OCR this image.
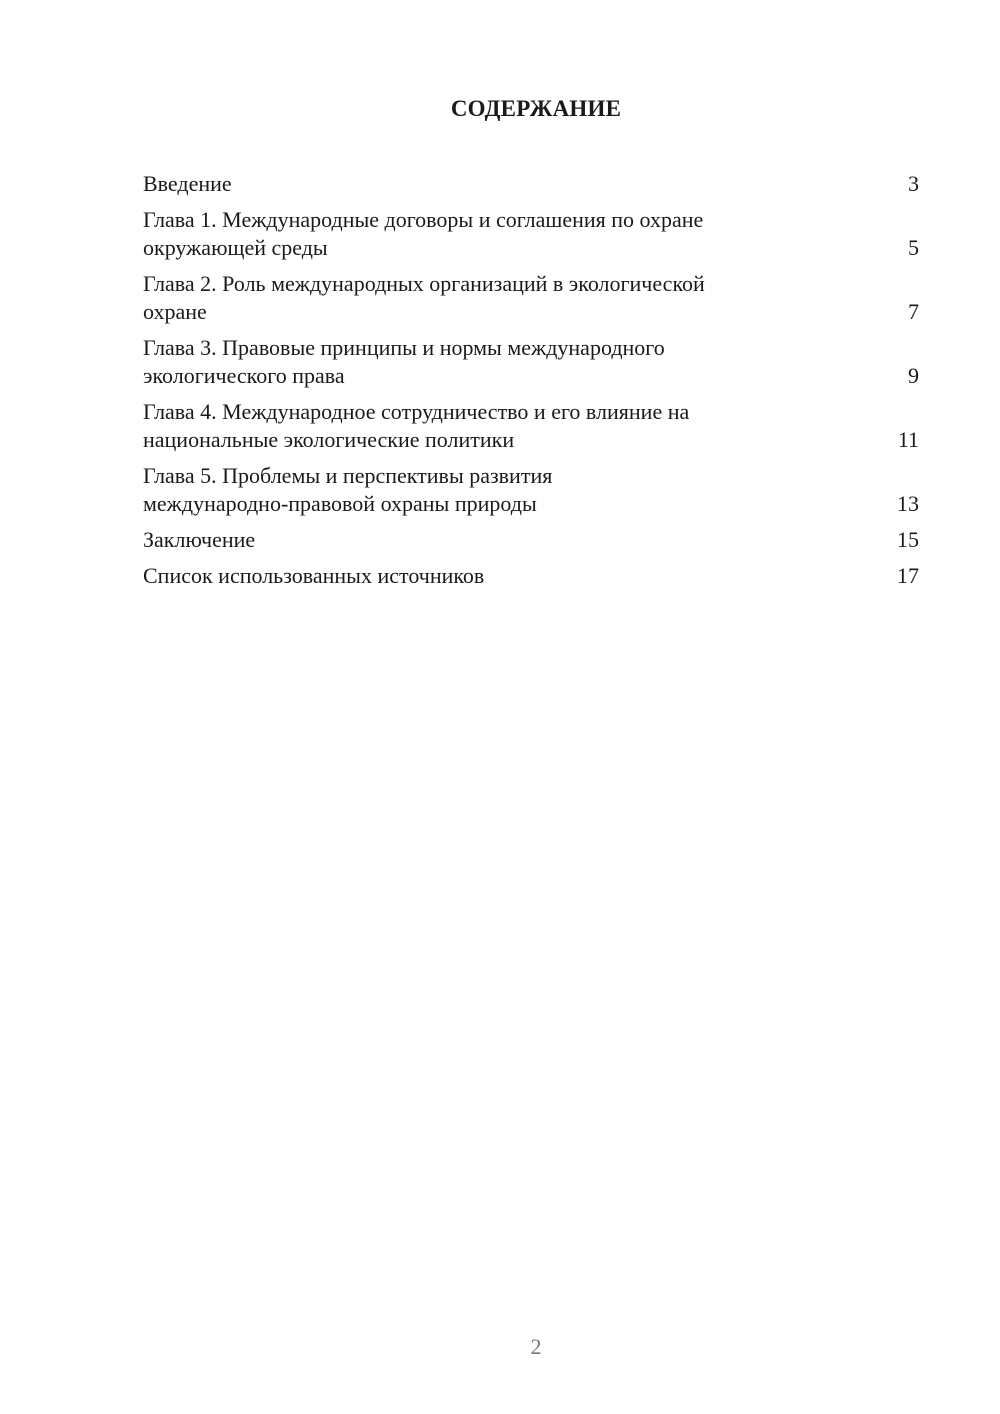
СОДЕРЖАНИЕ
Введение	3
Глава 1. Международные договоры и соглашения по охране
окружающей среды	5
Глава 2. Роль международных организаций в экологической
охране	7
Глава 3. Правовые принципы и нормы международного
экологического права	9
Глава 4. Международное сотрудничество и его влияние на
национальные экологические политики	11
Глава 5. Проблемы и перспективы развития
международно-правовой охраны природы	13
Заключение	15
Список использованных источников	17
2
